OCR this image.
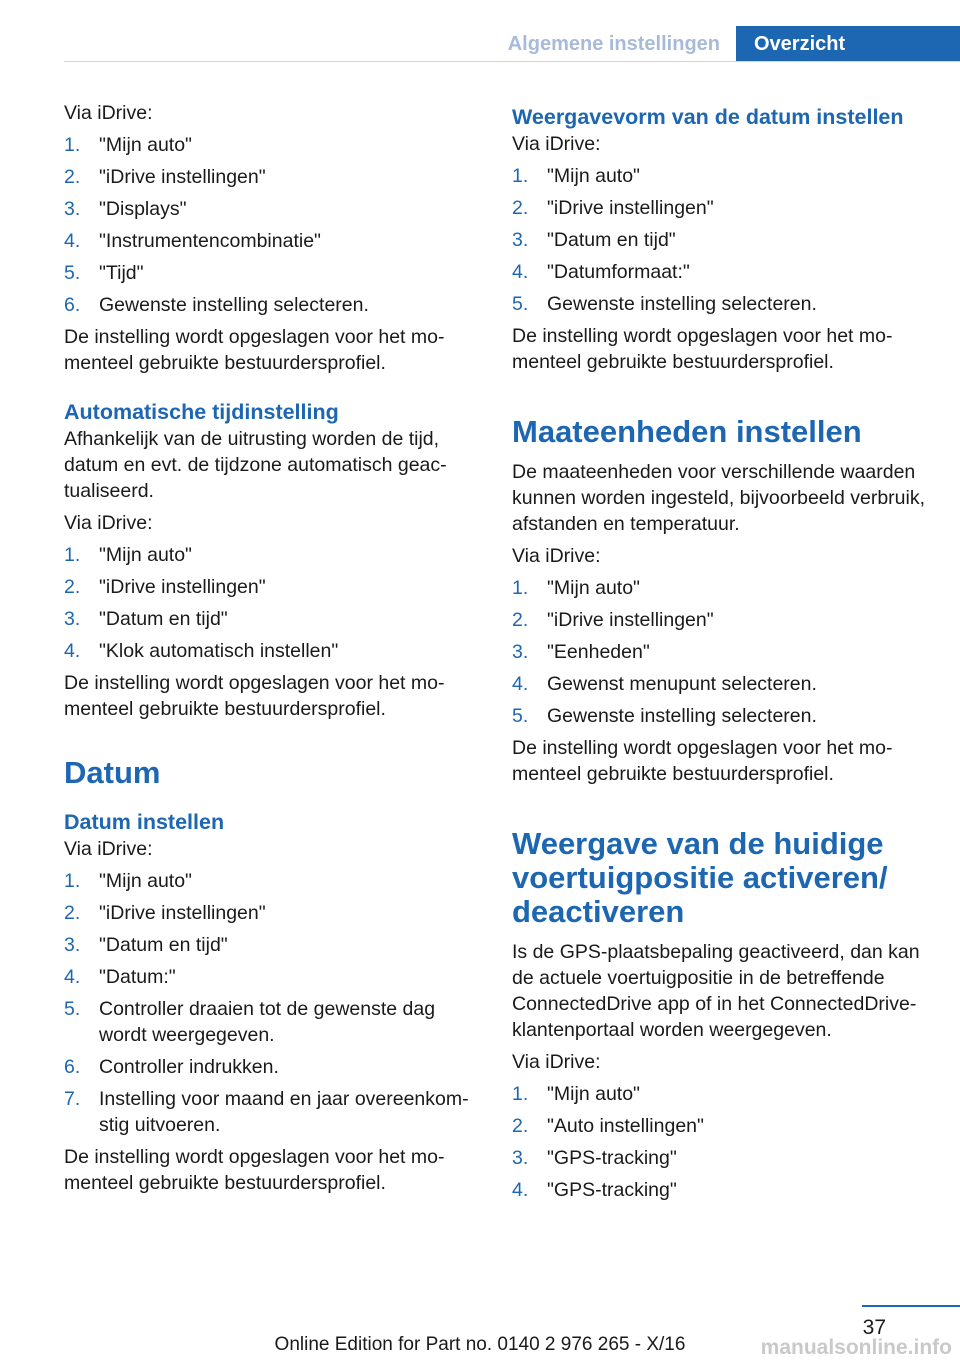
Algemene instellingen	Overzicht

Via iDrive:

1. "Mijn auto"
2. "iDrive instellingen"
3. "Displays"
4. "Instrumentencombinatie"
5. "Tijd"
6. Gewenste instelling selecteren.

De instelling wordt opgeslagen voor het momenteel gebruikte bestuurdersprofiel.

Automatische tijdinstelling

Afhankelijk van de uitrusting worden de tijd, datum en evt. de tijdzone automatisch geactualiseerd.

Via iDrive:

1. "Mijn auto"
2. "iDrive instellingen"
3. "Datum en tijd"
4. "Klok automatisch instellen"

De instelling wordt opgeslagen voor het momenteel gebruikte bestuurdersprofiel.

Datum
Datum instellen

Via iDrive:

1. "Mijn auto"
2. "iDrive instellingen"
3. "Datum en tijd"
4. "Datum:"
5. Controller draaien tot de gewenste dag wordt weergegeven.
6. Controller indrukken.
7. Instelling voor maand en jaar overeenkomstig uitvoeren.

De instelling wordt opgeslagen voor het momenteel gebruikte bestuurdersprofiel.

Weergavevorm van de datum instellen

Via iDrive:

1. "Mijn auto"
2. "iDrive instellingen"
3. "Datum en tijd"
4. "Datumformaat:"
5. Gewenste instelling selecteren.

De instelling wordt opgeslagen voor het momenteel gebruikte bestuurdersprofiel.

Maateenheden instellen

De maateenheden voor verschillende waarden kunnen worden ingesteld, bijvoorbeeld verbruik, afstanden en temperatuur.

Via iDrive:

1. "Mijn auto"
2. "iDrive instellingen"
3. "Eenheden"
4. Gewenst menupunt selecteren.
5. Gewenste instelling selecteren.

De instelling wordt opgeslagen voor het momenteel gebruikte bestuurdersprofiel.

Weergave van de huidige voertuigpositie activeren/ deactiveren

Is de GPS-plaatsbepaling geactiveerd, dan kan de actuele voertuigpositie in de betreffende ConnectedDrive app of in het ConnectedDrive-klantenportaal worden weergegeven.

Via iDrive:

1. "Mijn auto"
2. "Auto instellingen"
3. "GPS-tracking"
4. "GPS-tracking"
37
Online Edition for Part no. 0140 2 976 265 - X/16	manualsonline.info
